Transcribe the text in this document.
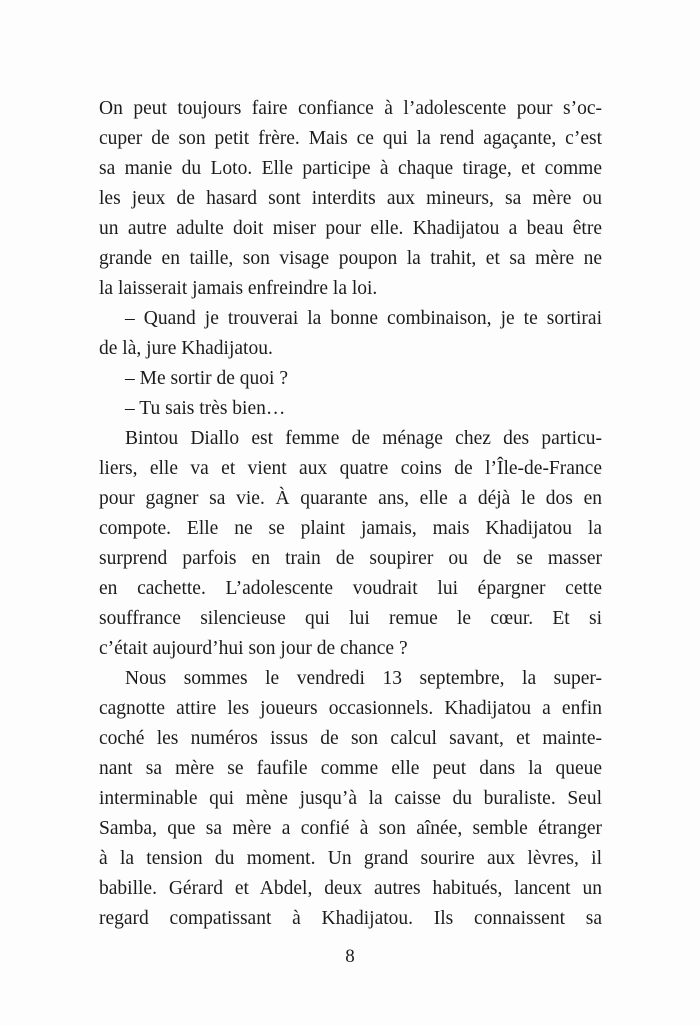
On peut toujours faire confiance à l’adolescente pour s’oc-
cuper de son petit frère. Mais ce qui la rend agaçante, c’est
sa manie du Loto. Elle participe à chaque tirage, et comme
les jeux de hasard sont interdits aux mineurs, sa mère ou
un autre adulte doit miser pour elle. Khadijatou a beau être
grande en taille, son visage poupon la trahit, et sa mère ne
la laisserait jamais enfreindre la loi.
– Quand je trouverai la bonne combinaison, je te sortirai
de là, jure Khadijatou.
– Me sortir de quoi ?
– Tu sais très bien…
Bintou Diallo est femme de ménage chez des particu-
liers, elle va et vient aux quatre coins de l’Île-de-France
pour gagner sa vie. À quarante ans, elle a déjà le dos en
compote. Elle ne se plaint jamais, mais Khadijatou la
surprend parfois en train de soupirer ou de se masser
en cachette. L’adolescente voudrait lui épargner cette
souffrance silencieuse qui lui remue le cœur. Et si
c’était aujourd’hui son jour de chance ?
Nous sommes le vendredi 13 septembre, la super-
cagnotte attire les joueurs occasionnels. Khadijatou a enfin
coché les numéros issus de son calcul savant, et mainte-
nant sa mère se faufile comme elle peut dans la queue
interminable qui mène jusqu’à la caisse du buraliste. Seul
Samba, que sa mère a confié à son aînée, semble étranger
à la tension du moment. Un grand sourire aux lèvres, il
babille. Gérard et Abdel, deux autres habitués, lancent un
regard compatissant à Khadijatou. Ils connaissent sa
8
